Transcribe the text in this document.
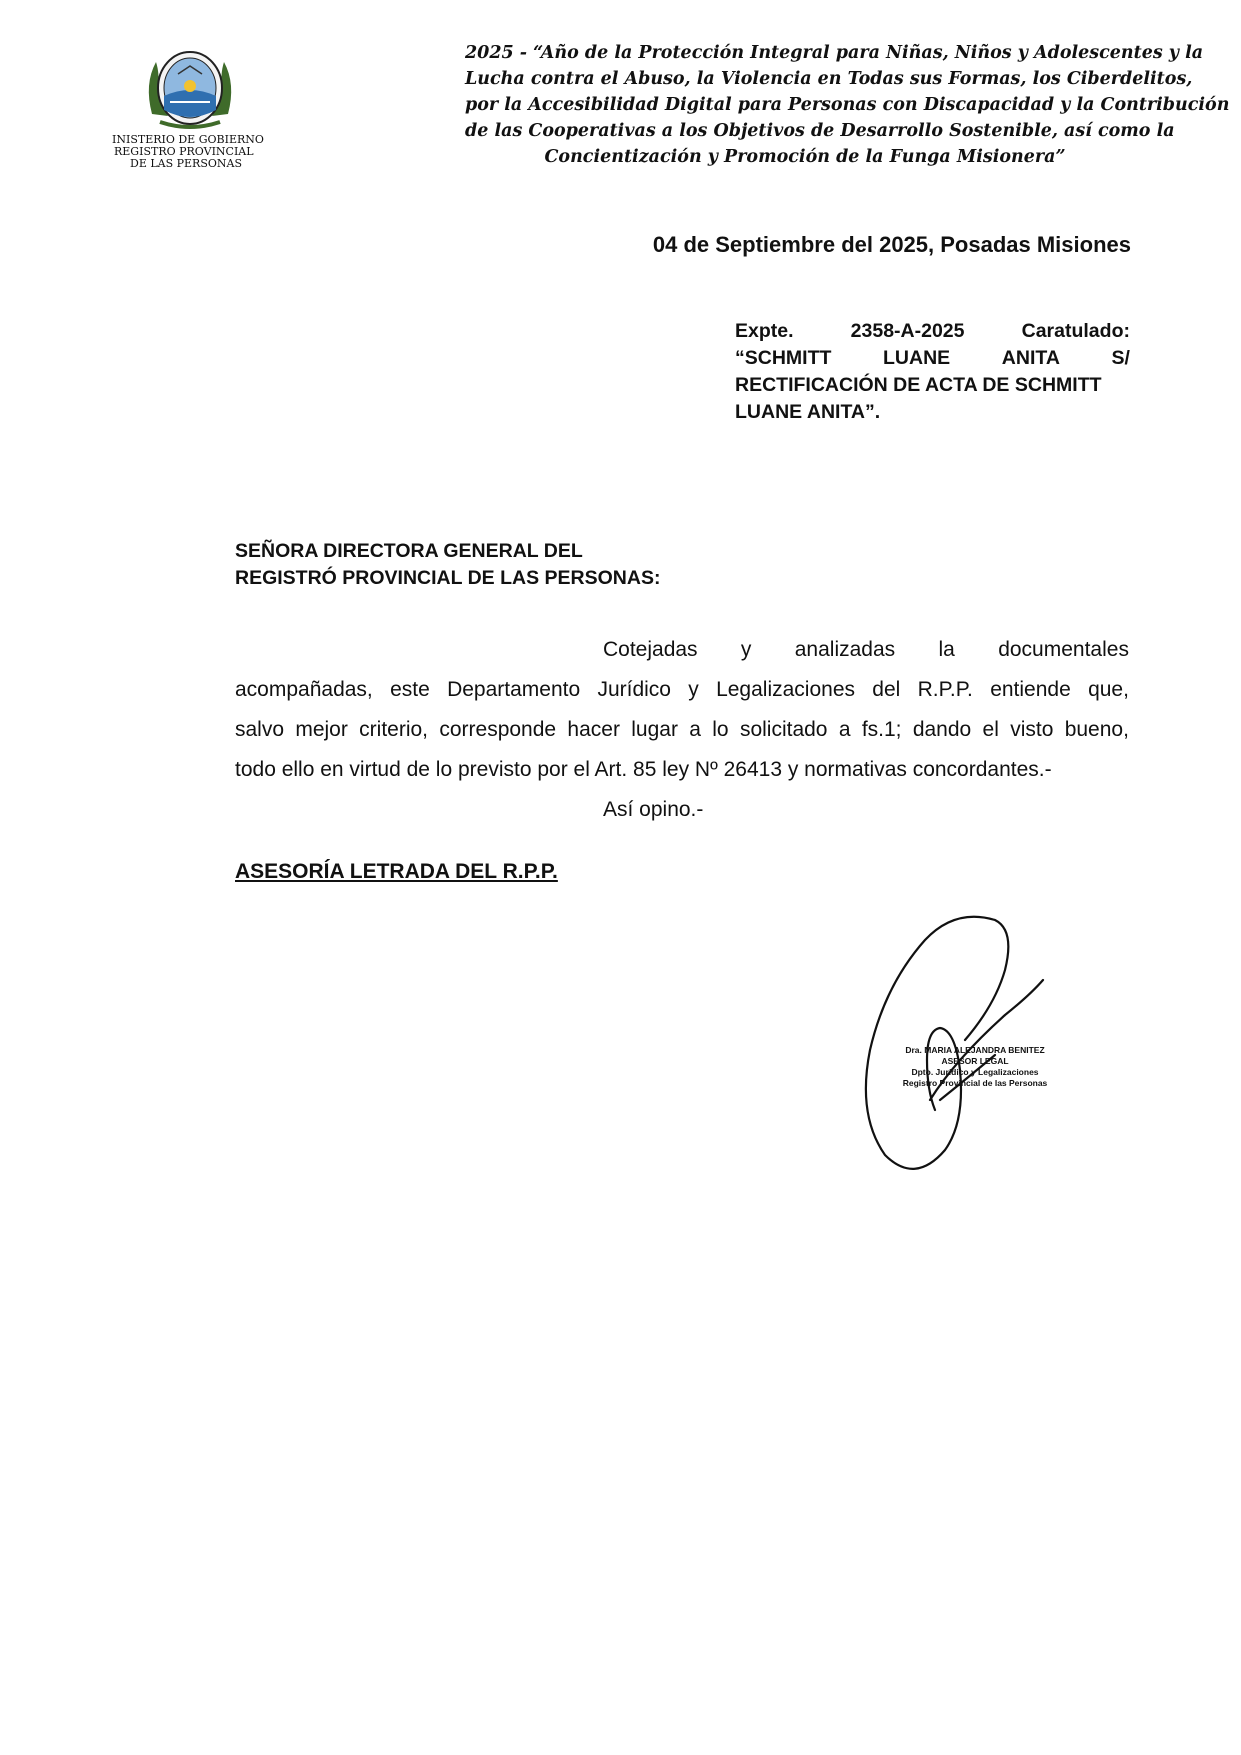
INISTERIO DE GOBIERNO
REGISTRO PROVINCIAL
DE LAS PERSONAS
2025 - “Año de la Protección Integral para Niñas, Niños y Adolescentes y la
Lucha contra el Abuso, la Violencia en Todas sus Formas, los Ciberdelitos,
por la Accesibilidad Digital para Personas con Discapacidad y la Contribución
de las Cooperativas a los Objetivos de Desarrollo Sostenible, así como la
Concientización y Promoción de la Funga Misionera”
04 de Septiembre del 2025, Posadas Misiones
Expte.	2358-A-2025	Caratulado:
“SCHMITT	LUANE	ANITA	S/
RECTIFICACIÓN DE ACTA DE SCHMITT
LUANE ANITA”.
SEÑORA DIRECTORA GENERAL DEL
REGISTRÓ PROVINCIAL DE LAS PERSONAS:
Cotejadas y analizadas la documentales
acompañadas, este Departamento Jurídico y Legalizaciones del R.P.P. entiende que,
salvo mejor criterio, corresponde hacer lugar a lo solicitado a fs.1; dando el visto bueno,
todo ello en virtud de lo previsto por el Art. 85 ley Nº 26413 y normativas concordantes.-
Así opino.-
ASESORÍA LETRADA DEL R.P.P.
Dra. MARIA ALEJANDRA BENITEZ
ASESOR LEGAL
Dpto. Jurídico y Legalizaciones
Registro Provincial de las Personas
